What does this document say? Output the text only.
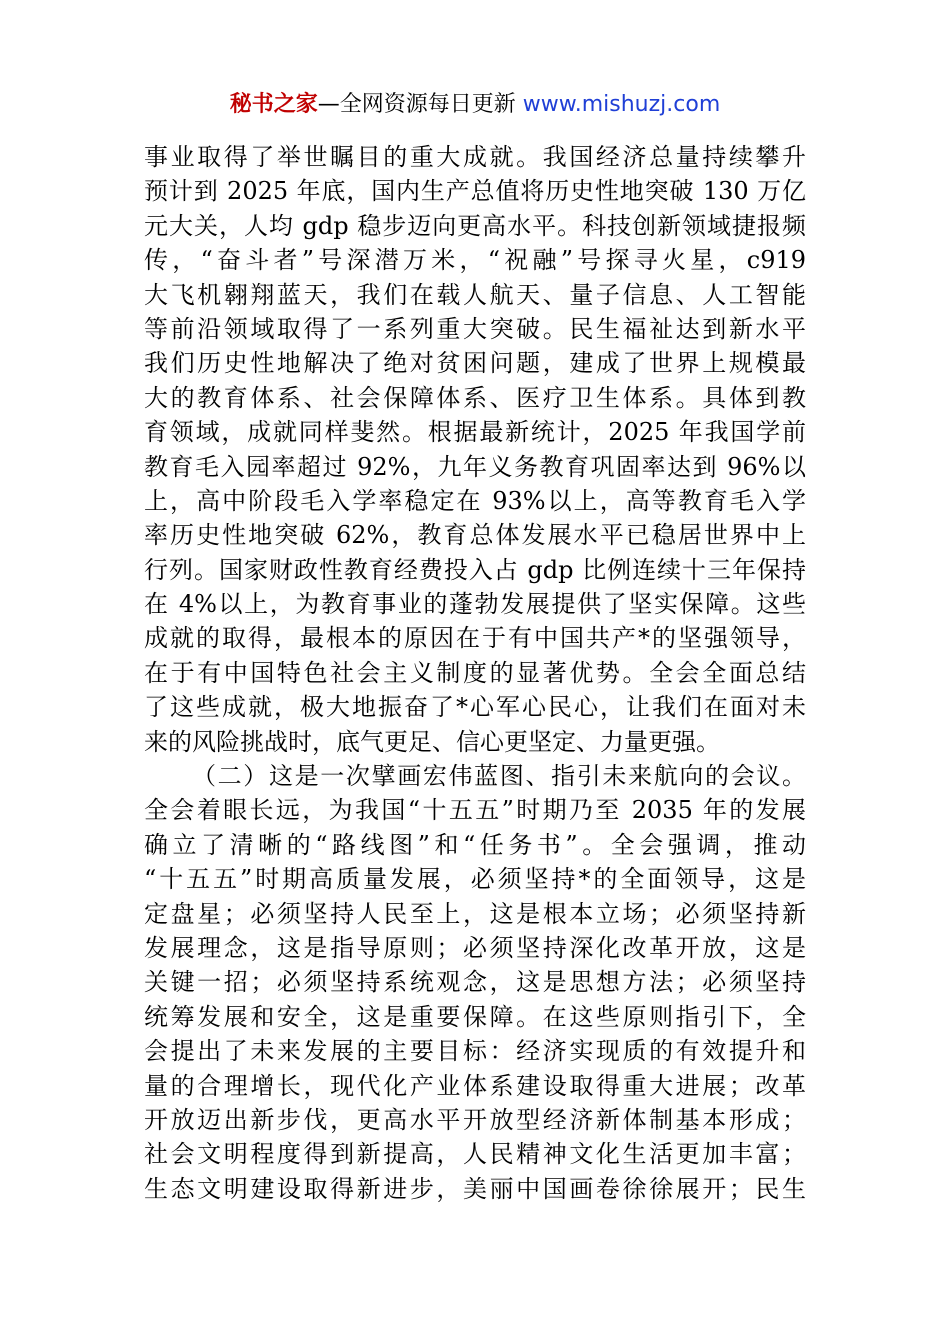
秘书之家—全网资源每日更新 www.mishuzj.com
事业取得了举世瞩目的重大成就。我国经济总量持续攀升
预计到 2025 年底，国内生产总值将历史性地突破 130 万亿
元大关，人均 gdp 稳步迈向更高水平。科技创新领域捷报频
传，“奋斗者”号深潜万米，“祝融”号探寻火星，c919
大飞机翱翔蓝天，我们在载人航天、量子信息、人工智能
等前沿领域取得了一系列重大突破。民生福祉达到新水平
我们历史性地解决了绝对贫困问题，建成了世界上规模最
大的教育体系、社会保障体系、医疗卫生体系。具体到教
育领域，成就同样斐然。根据最新统计，2025 年我国学前
教育毛入园率超过 92%，九年义务教育巩固率达到 96%以
上，高中阶段毛入学率稳定在 93%以上，高等教育毛入学
率历史性地突破 62%，教育总体发展水平已稳居世界中上
行列。国家财政性教育经费投入占 gdp 比例连续十三年保持
在 4%以上，为教育事业的蓬勃发展提供了坚实保障。这些
成就的取得，最根本的原因在于有中国共产*的坚强领导，
在于有中国特色社会主义制度的显著优势。全会全面总结
了这些成就，极大地振奋了*心军心民心，让我们在面对未
来的风险挑战时，底气更足、信心更坚定、力量更强。
（二）这是一次擘画宏伟蓝图、指引未来航向的会议。
全会着眼长远，为我国“十五五”时期乃至 2035 年的发展
确立了清晰的“路线图”和“任务书”。全会强调，推动
“十五五”时期高质量发展，必须坚持*的全面领导，这是
定盘星；必须坚持人民至上，这是根本立场；必须坚持新
发展理念，这是指导原则；必须坚持深化改革开放，这是
关键一招；必须坚持系统观念，这是思想方法；必须坚持
统筹发展和安全，这是重要保障。在这些原则指引下，全
会提出了未来发展的主要目标：经济实现质的有效提升和
量的合理增长，现代化产业体系建设取得重大进展；改革
开放迈出新步伐，更高水平开放型经济新体制基本形成；
社会文明程度得到新提高，人民精神文化生活更加丰富；
生态文明建设取得新进步，美丽中国画卷徐徐展开；民生
